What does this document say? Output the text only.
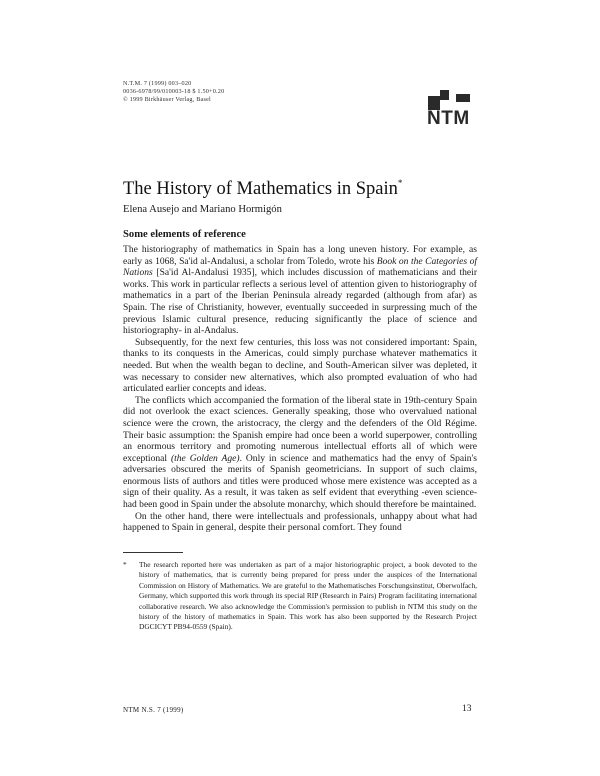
N.T.M. 7 (1999) 003–020
0036-6978/99/010003-18 $ 1.50+0.20
© 1999 Birkhäuser Verlag, Basel
NTM
The History of Mathematics in Spain*
Elena Ausejo and Mariano Hormigón
Some elements of reference

The historiography of mathematics in Spain has a long uneven history. For example, as early as 1068, Sa'id al-Andalusi, a scholar from Toledo, wrote his Book on the Categories of Nations [Sa'id Al-Andalusi 1935], which includes discussion of mathematicians and their works. This work in particular reflects a serious level of attention given to historiography of mathematics in a part of the Iberian Peninsula already regarded (although from afar) as Spain. The rise of Christianity, however, eventually succeeded in surpressing much of the previous Islamic cultural presence, reducing significantly the place of science and historiography- in al-Andalus.

Subsequently, for the next few centuries, this loss was not considered important: Spain, thanks to its conquests in the Americas, could simply purchase whatever mathematics it needed. But when the wealth began to decline, and South-American silver was depleted, it was necessary to consider new alternatives, which also prompted evaluation of who had articulated earlier concepts and ideas.

The conflicts which accompanied the formation of the liberal state in 19th-century Spain did not overlook the exact sciences. Generally speaking, those who overvalued national science were the crown, the aristocracy, the clergy and the defenders of the Old Régime. Their basic assumption: the Spanish empire had once been a world superpower, controlling an enormous territory and promoting numerous intellectual efforts all of which were exceptional (the Golden Age). Only in science and mathematics had the envy of Spain's adversaries obscured the merits of Spanish geometricians. In support of such claims, enormous lists of authors and titles were produced whose mere existence was accepted as a sign of their quality. As a result, it was taken as self evident that everything -even science- had been good in Spain under the absolute monarchy, which should therefore be maintained.

On the other hand, there were intellectuals and professionals, unhappy about what had happened to Spain in general, despite their personal comfort. They found

* The research reported here was undertaken as part of a major historiographic project, a book devoted to the history of mathematics, that is currently being prepared for press under the auspices of the International Commission on History of Mathematics. We are grateful to the Mathematisches Forschungsinstitut, Oberwolfach, Germany, which supported this work through its special RIP (Research in Pairs) Program facilitating international collaborative research. We also acknowledge the Commission's permission to publish in NTM this study on the history of the history of mathematics in Spain. This work has also been supported by the Research Project DGCICYT PB94-0559 (Spain).
NTM N.S. 7 (1999)	13
